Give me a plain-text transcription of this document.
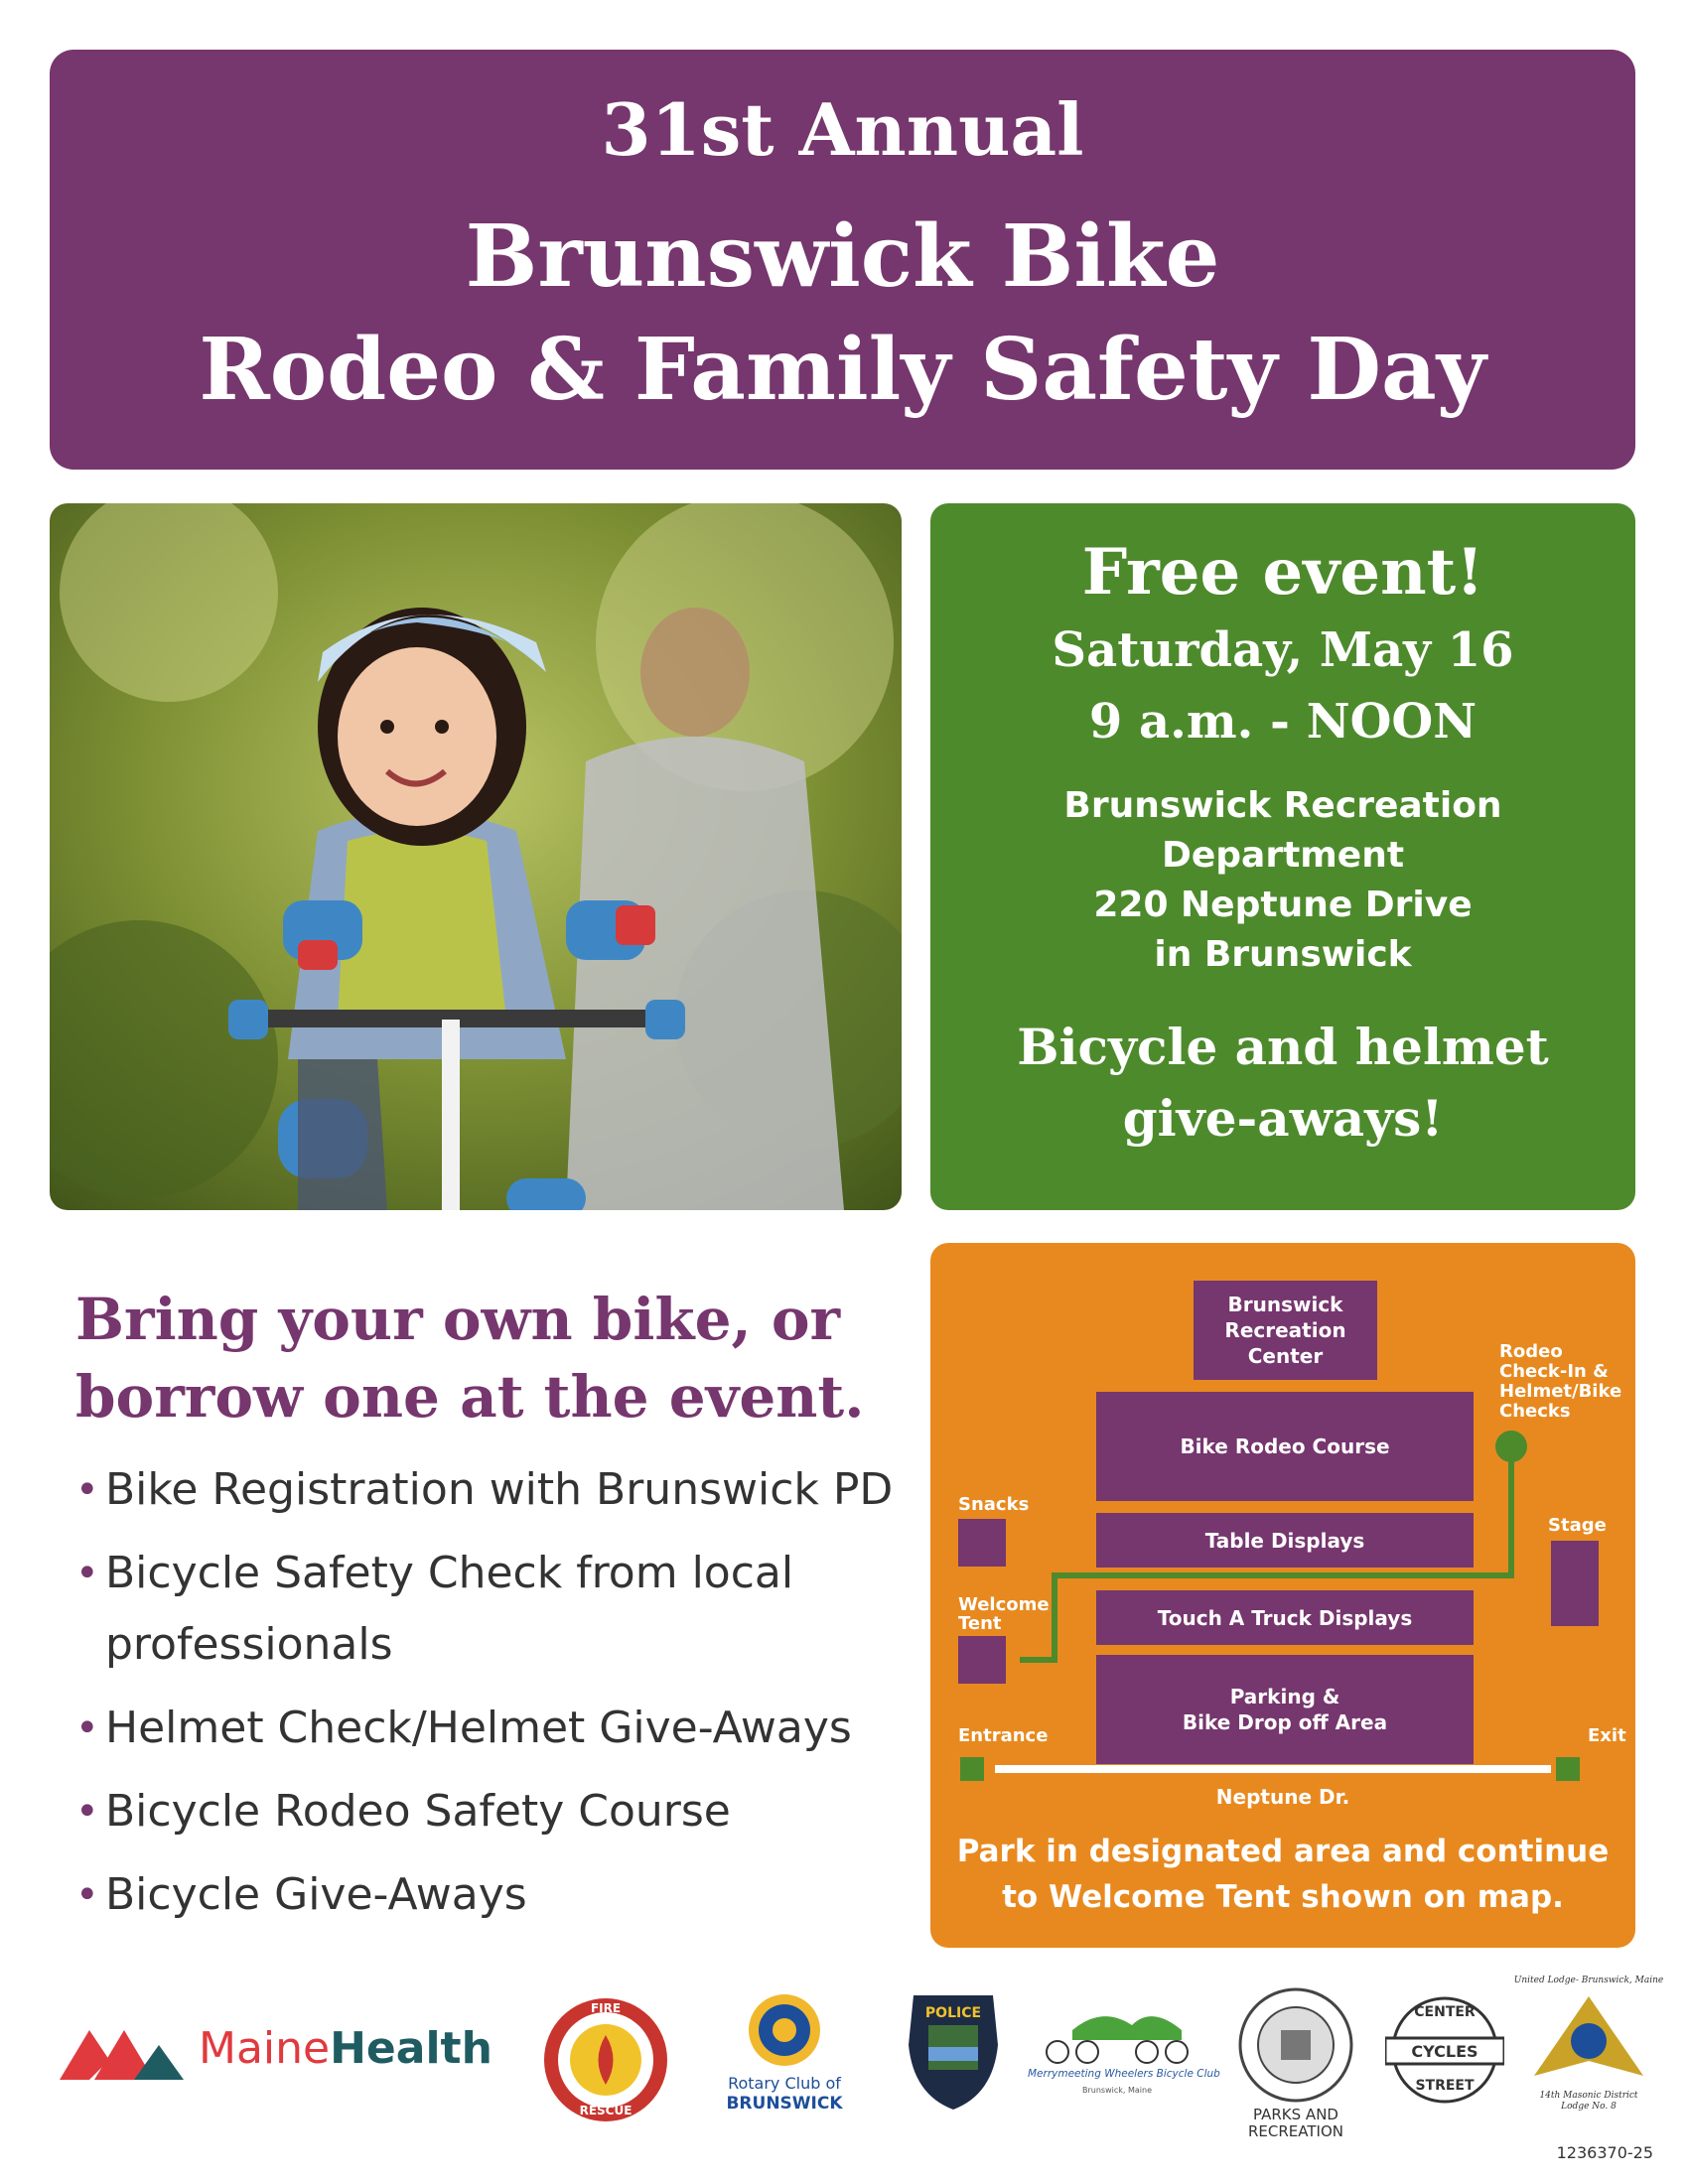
31st Annual
Brunswick Bike
Rodeo & Family Safety Day
Free event!
Saturday, May 16
9 a.m. - NOON
Brunswick Recreation
Department
220 Neptune Drive
in Brunswick
Bicycle and helmet
give-aways!
Bring your own bike, or
borrow one at the event.
• Bike Registration with Brunswick PD
• Bicycle Safety Check from local professionals
• Helmet Check/Helmet Give-Aways
• Bicycle Rodeo Safety Course
• Bicycle Give-Aways
Brunswick
Recreation
Center
Bike Rodeo Course
Table Displays
Touch A Truck Displays
Parking &
Bike Drop off Area
Rodeo
Check-In &
Helmet/Bike
Checks
Snacks
Stage
Welcome
Tent
Entrance	Exit
Neptune Dr.
Park in designated area and continue
to Welcome Tent shown on map.
MaineHealth
FIRE
RESCUE
Rotary Club of
BRUNSWICK
POLICE
Merrymeeting Wheelers Bicycle Club
Brunswick, Maine
PARKS AND
RECREATION
CENTER
CYCLES
STREET
United Lodge- Brunswick, Maine
14th Masonic District
Lodge No. 8
1236370-25
